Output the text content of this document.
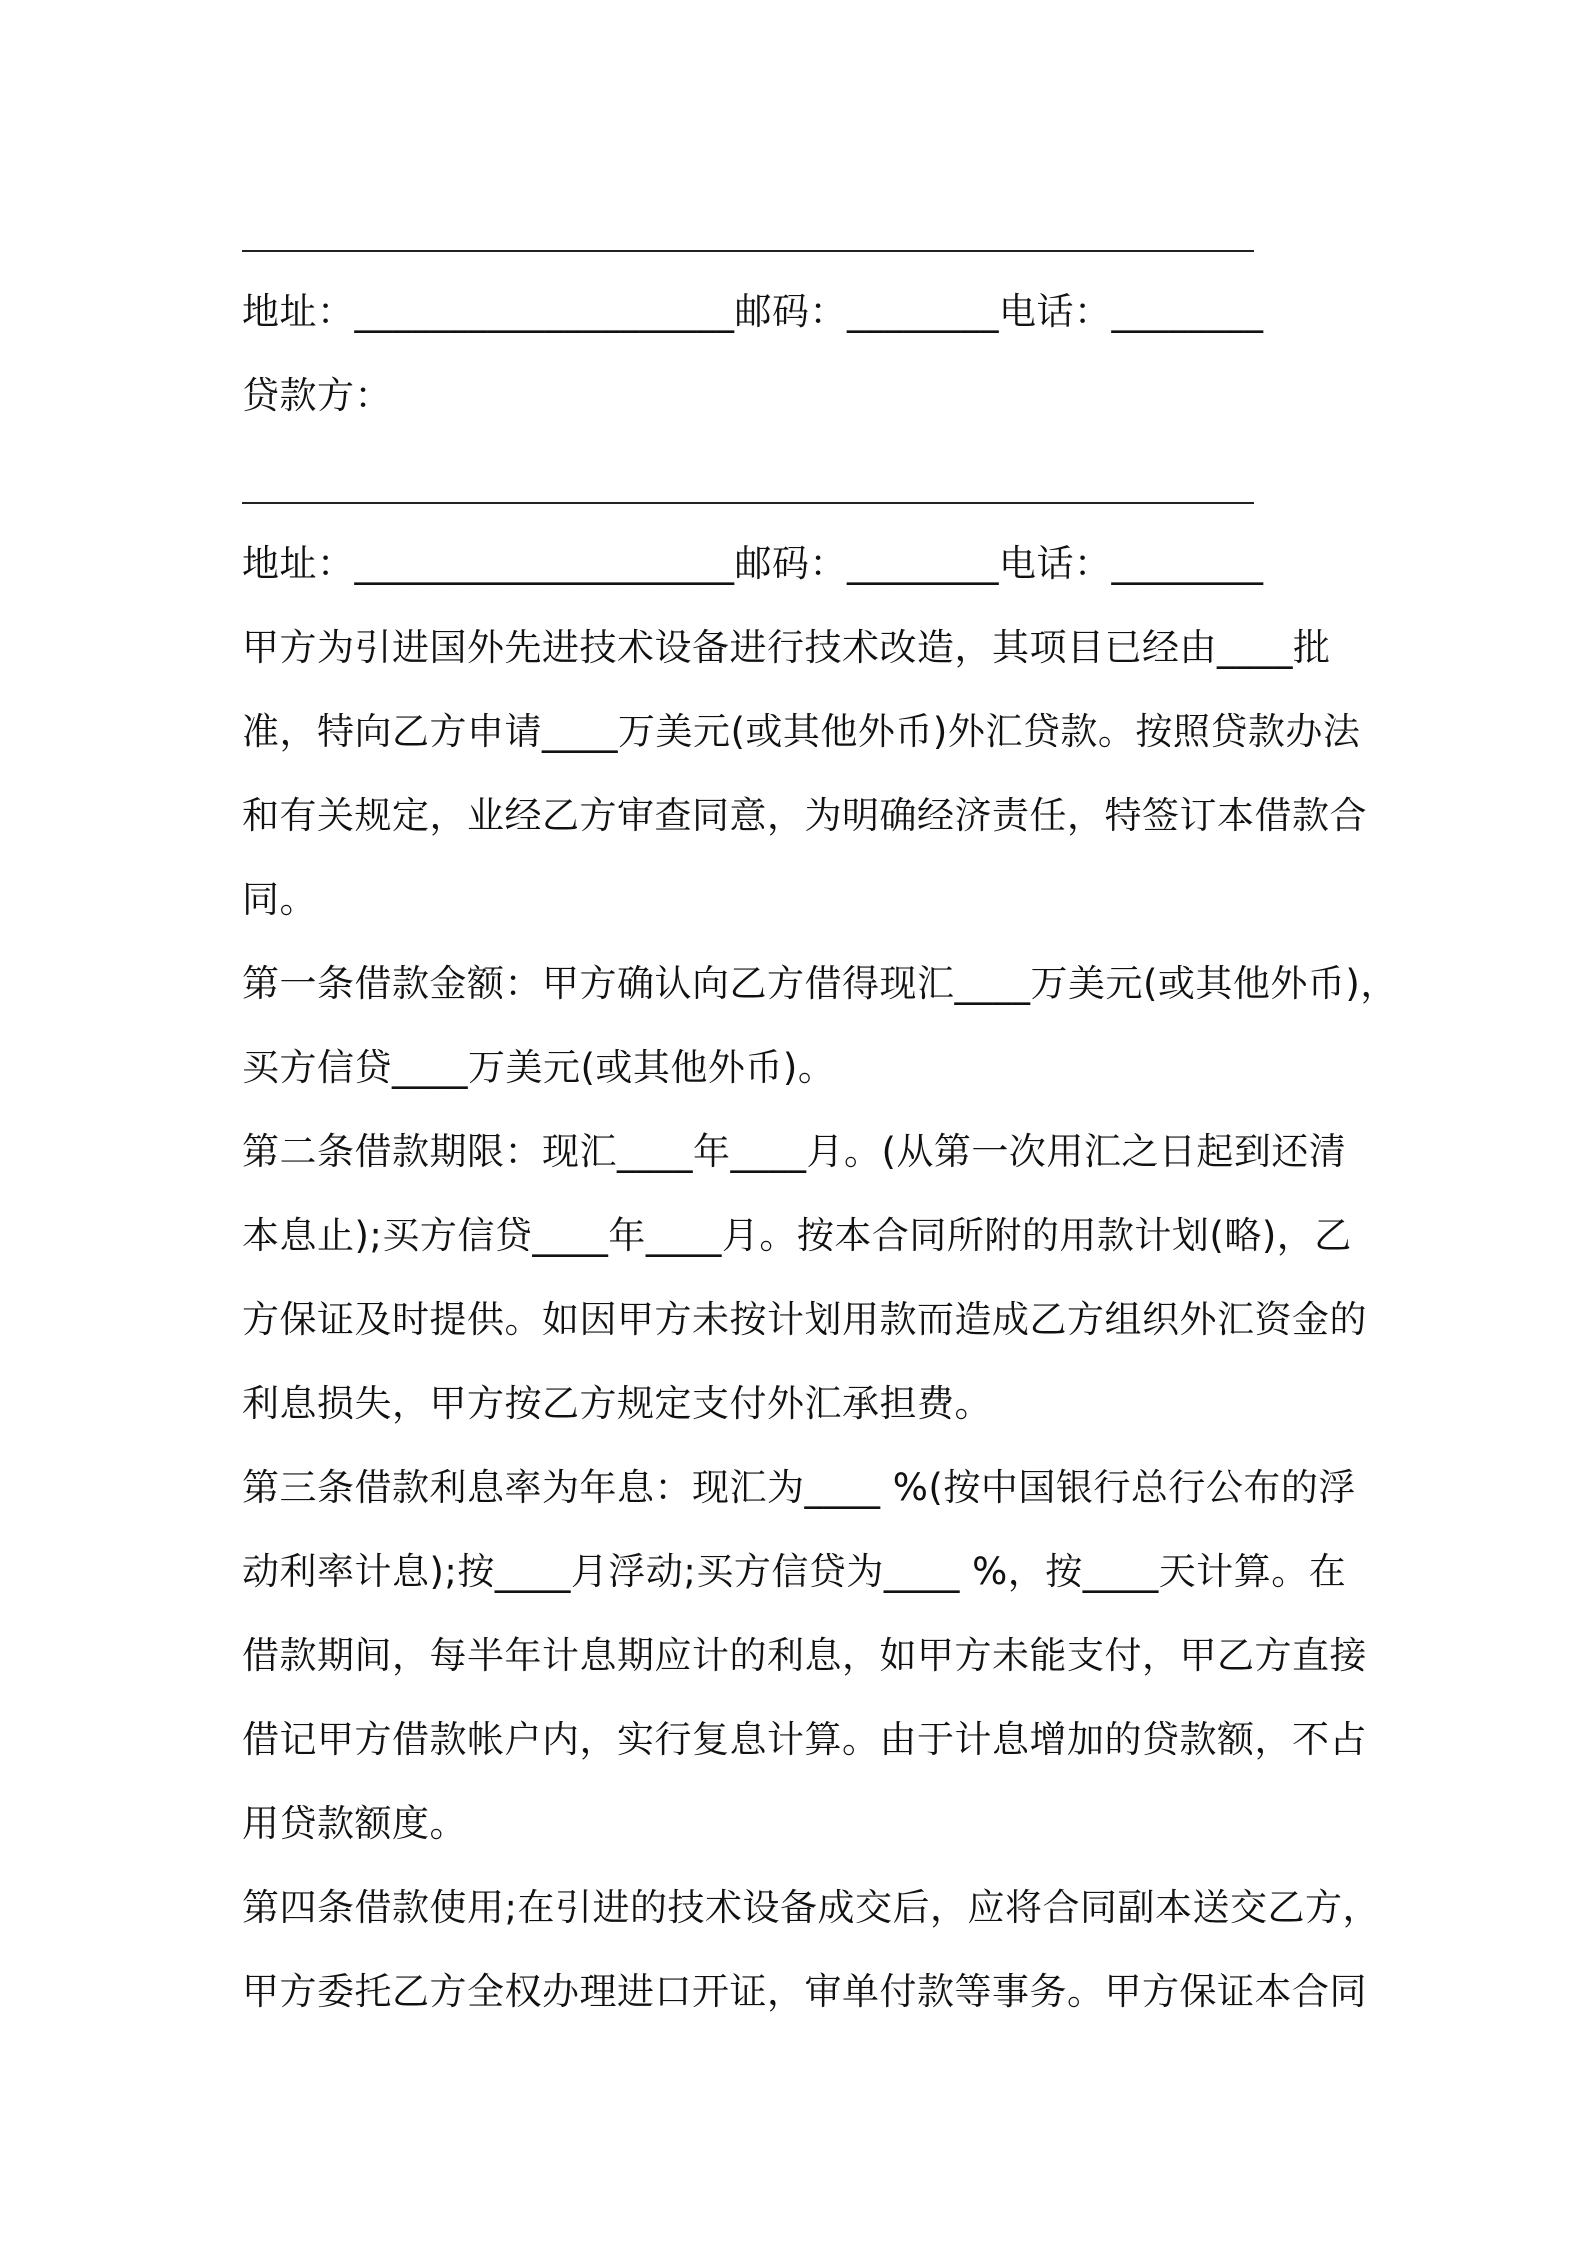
地址：____________________邮码：________电话：________
贷款方：
地址：____________________邮码：________电话：________
甲方为引进国外先进技术设备进行技术改造，其项目已经由____批
准，特向乙方申请____万美元(或其他外币)外汇贷款。按照贷款办法
和有关规定，业经乙方审查同意，为明确经济责任，特签订本借款合
同。
第一条借款金额：甲方确认向乙方借得现汇____万美元(或其他外币)，
买方信贷____万美元(或其他外币)。
第二条借款期限：现汇____年____月。(从第一次用汇之日起到还清
本息止);买方信贷____年____月。按本合同所附的用款计划(略)，乙
方保证及时提供。如因甲方未按计划用款而造成乙方组织外汇资金的
利息损失，甲方按乙方规定支付外汇承担费。
第三条借款利息率为年息：现汇为____ %(按中国银行总行公布的浮
动利率计息);按____月浮动;买方信贷为____ %，按____天计算。在
借款期间，每半年计息期应计的利息，如甲方未能支付，甲乙方直接
借记甲方借款帐户内，实行复息计算。由于计息增加的贷款额，不占
用贷款额度。
第四条借款使用;在引进的技术设备成交后，应将合同副本送交乙方，
甲方委托乙方全权办理进口开证，审单付款等事务。甲方保证本合同
